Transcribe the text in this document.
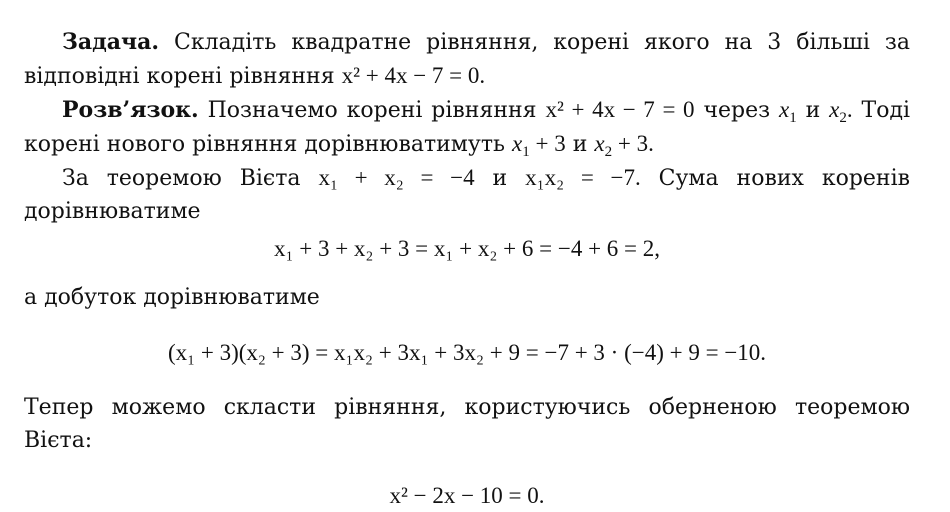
Задача. Складіть квадратне рівняння, корені якого на 3 більші за відповідні корені рівняння x² + 4x − 7 = 0.

Розв’язок. Позначемо корені рівняння x² + 4x − 7 = 0 через $x_1$ и $x_2$. Тоді корені нового рівняння дорівнюватимуть $x_1 + 3$ и $x_2 + 3$.

За теоремою Вієта x₁ + x₂ = −4 и x₁x₂ = −7. Сума нових коренів дорівнюватиме

x₁ + 3 + x₂ + 3 = x₁ + x₂ + 6 = −4 + 6 = 2,

а добуток дорівнюватиме

(x₁ + 3)(x₂ + 3) = x₁x₂ + 3x₁ + 3x₂ + 9 = −7 + 3 · (−4) + 9 = −10.

Тепер можемо скласти рівняння, користуючись оберненою теоремою Вієта:

x² − 2x − 10 = 0.
